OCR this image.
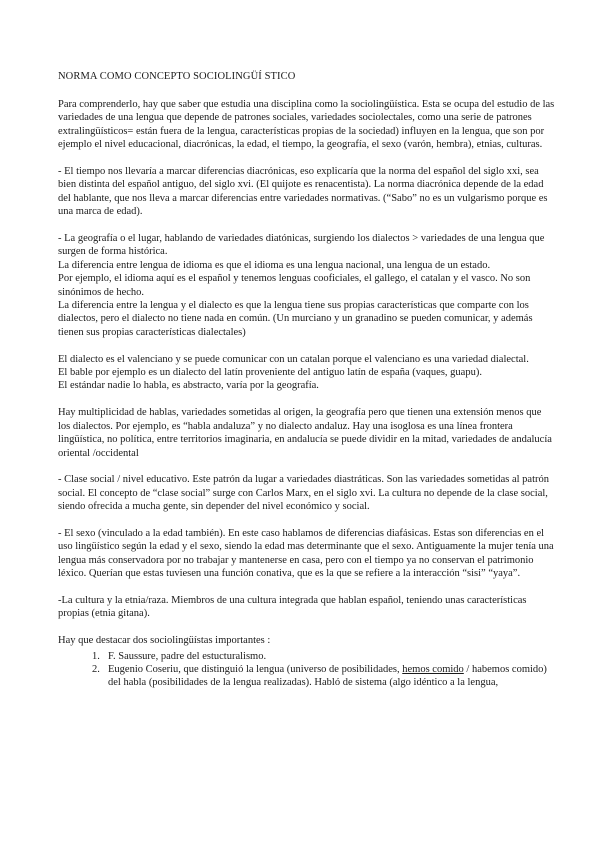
NORMA COMO CONCEPTO SOCIOLINGÜÍ STICO

Para comprenderlo, hay que saber que estudia una disciplina como la sociolingüística. Esta se ocupa del estudio de las variedades de una lengua que depende de patrones sociales, variedades sociolectales, como una serie de patrones extralingüísticos= están fuera de la lengua, características propias de la sociedad) influyen en la lengua, que son por ejemplo el nivel educacional, diacrónicas, la edad, el tiempo, la geografía, el sexo (varón, hembra), etnias, culturas.

- El tiempo nos llevaría a marcar diferencias diacrónicas, eso explicaría que la norma del español del siglo xxi, sea bien distinta del español antiguo, del siglo xvi. (El quijote es renacentista). La norma diacrónica depende de la edad del hablante, que nos lleva a marcar diferencias entre variedades normativas. (“Sabo” no es un vulgarismo porque es una marca de edad).

- La geografía o el lugar, hablando de variedades diatónicas, surgiendo los dialectos > variedades de una lengua que surgen de forma histórica.
La diferencia entre lengua de idioma es que el idioma es una lengua nacional, una lengua de un estado.
Por ejemplo, el idioma aquí es el español y tenemos lenguas cooficiales, el gallego, el catalan y el vasco. No son sinónimos de hecho.
La diferencia entre la lengua y el dialecto es que la lengua tiene sus propias características que comparte con los dialectos, pero el dialecto no tiene nada en común. (Un murciano y un granadino se pueden comunicar, y además tienen sus propias características dialectales)

El dialecto es el valenciano y se puede comunicar con un catalan porque el valenciano es una variedad dialectal.
El bable por ejemplo es un dialecto del latín proveniente del antiguo latín de españa (vaques, guapu).
El estándar nadie lo habla, es abstracto, varía por la geografía.

Hay multiplicidad de hablas, variedades sometidas al origen, la geografía pero que tienen una extensión menos que los dialectos. Por ejemplo, es “habla andaluza” y no dialecto andaluz. Hay una isoglosa es una línea frontera lingüística, no política, entre territorios imaginaria, en andalucía se puede dividir en la mitad, variedades de andalucía oriental /occidental

- Clase social / nivel educativo. Este patrón da lugar a variedades diastráticas. Son las variedades sometidas al patrón social. El concepto de “clase social” surge con Carlos Marx, en el siglo xvi. La cultura no depende de la clase social, siendo ofrecida a mucha gente, sin depender del nivel económico y social.

- El sexo (vinculado a la edad también). En este caso hablamos de diferencias diafásicas. Estas son diferencias en el uso lingüístico según la edad y el sexo, siendo la edad mas determinante que el sexo. Antiguamente la mujer tenía una lengua más conservadora por no trabajar y mantenerse en casa, pero con el tiempo ya no conservan el patrimonio léxico. Querían que estas tuviesen una función conativa, que es la que se refiere a la interacción “sisi” “yaya”.

-La cultura y la etnia/raza. Miembros de una cultura integrada que hablan español, teniendo unas características propias (etnia gitana).

Hay que destacar dos sociolingüístas importantes :

1. F. Saussure, padre del estucturalismo.
2. Eugenio Coseriu, que distinguió la lengua (universo de posibilidades, hemos comido / habemos comido) del habla (posibilidades de la lengua realizadas). Habló de sistema (algo idéntico a la lengua,
